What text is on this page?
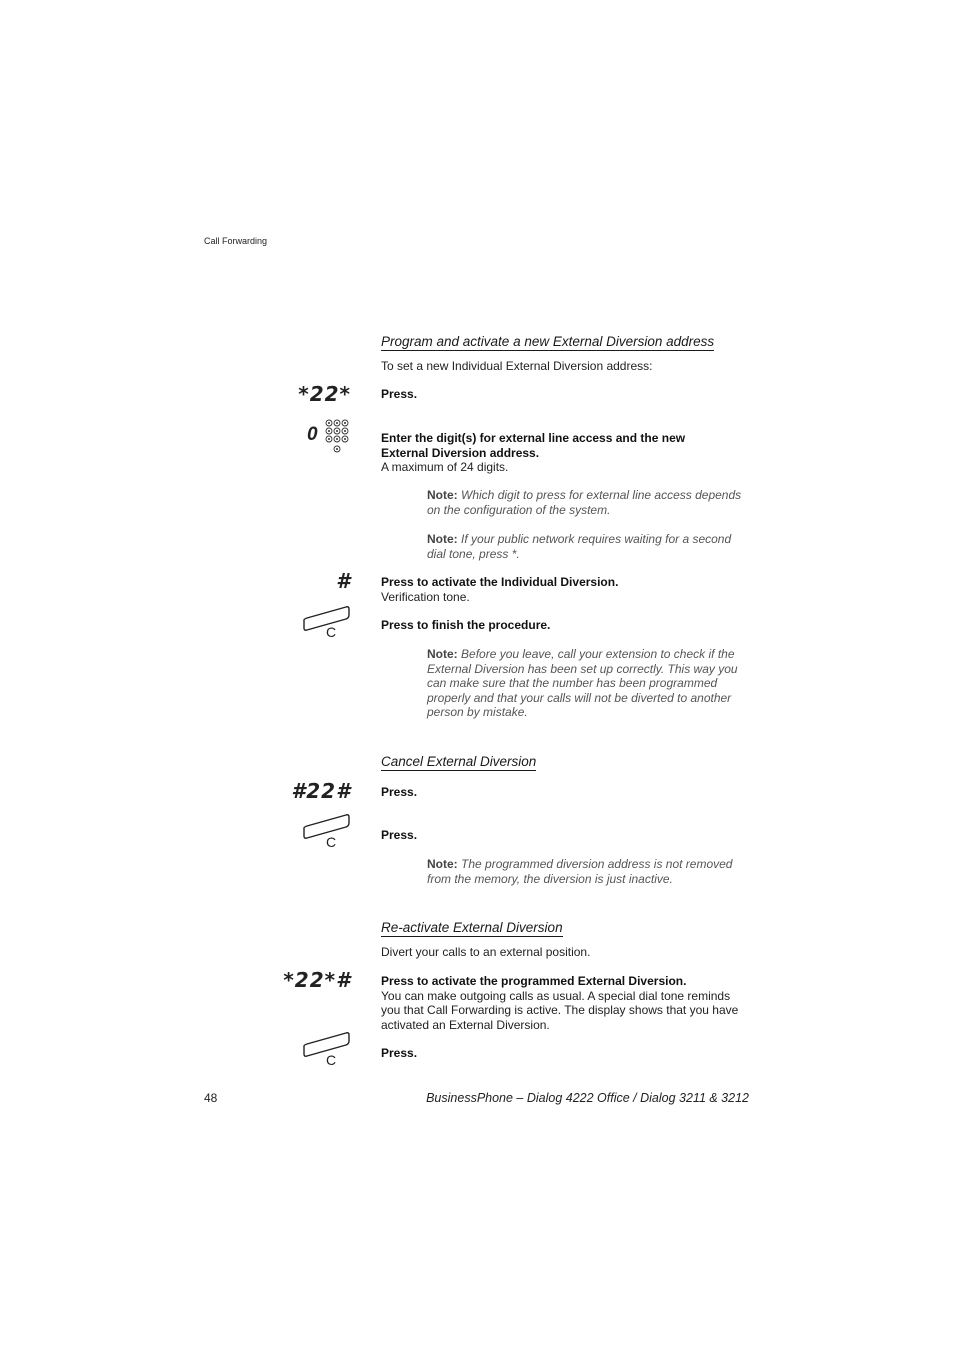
Call Forwarding
Program and activate a new External Diversion address
To set a new Individual External Diversion address:
*22*	Press.
0	Enter the digit(s) for external line access and the new
External Diversion address.
A maximum of 24 digits.
Note: Which digit to press for external line access depends on the configuration of the system.
Note: If your public network requires waiting for a second dial tone, press *.
#	Press to activate the Individual Diversion.
Verification tone.
C	Press to finish the procedure.
Note: Before you leave, call your extension to check if the External Diversion has been set up correctly. This way you can make sure that the number has been programmed properly and that your calls will not be diverted to another person by mistake.
Cancel External Diversion
#22#	Press.
C	Press.
Note: The programmed diversion address is not removed from the memory, the diversion is just inactive.
Re-activate External Diversion
Divert your calls to an external position.
*22*#	Press to activate the programmed External Diversion.
You can make outgoing calls as usual. A special dial tone reminds you that Call Forwarding is active. The display shows that you have activated an External Diversion.
C	Press.
48	BusinessPhone – Dialog 4222 Office / Dialog 3211 & 3212
